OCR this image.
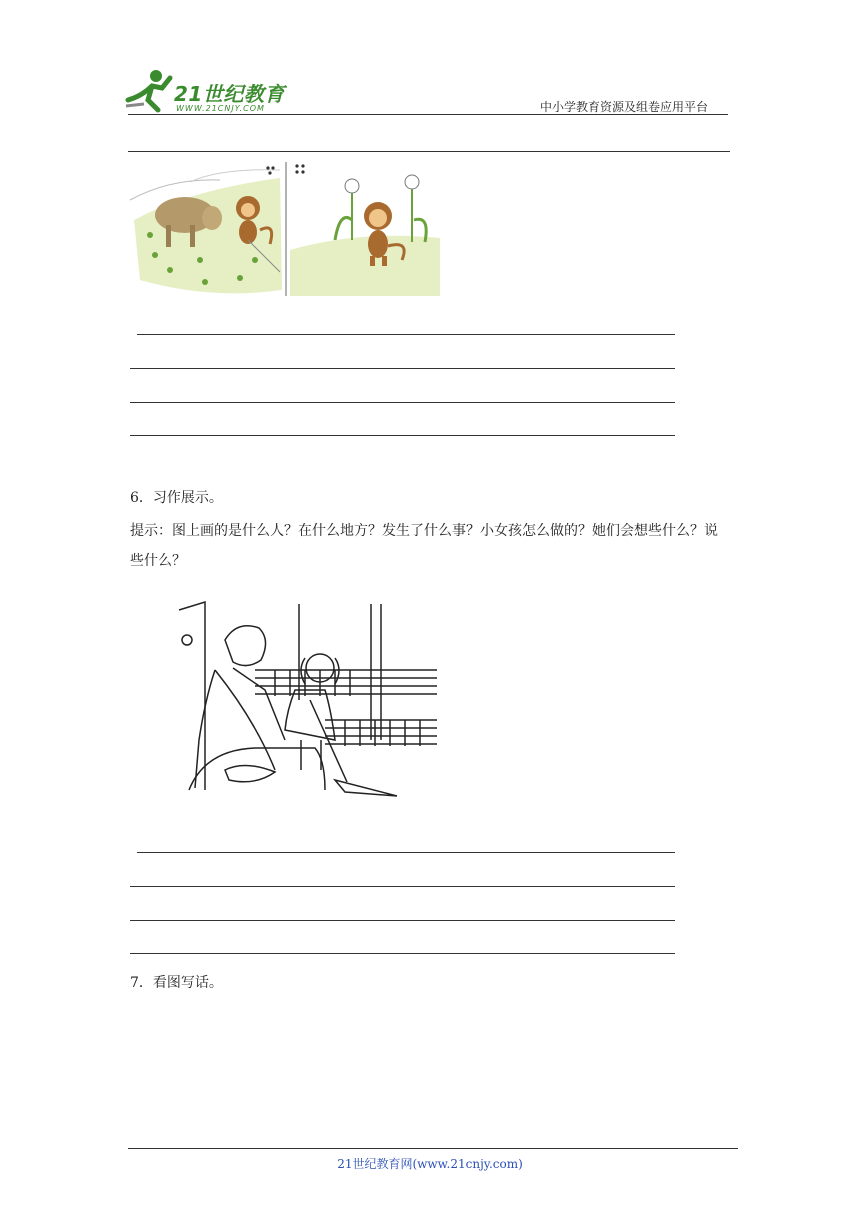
21世纪教育
WWW.21CNJY.COM	中小学教育资源及组卷应用平台
6．习作展示。
提示：图上画的是什么人？在什么地方？发生了什么事？小女孩怎么做的？她们会想些什么？说些什么？
7．看图写话。
21世纪教育网(www.21cnjy.com)
